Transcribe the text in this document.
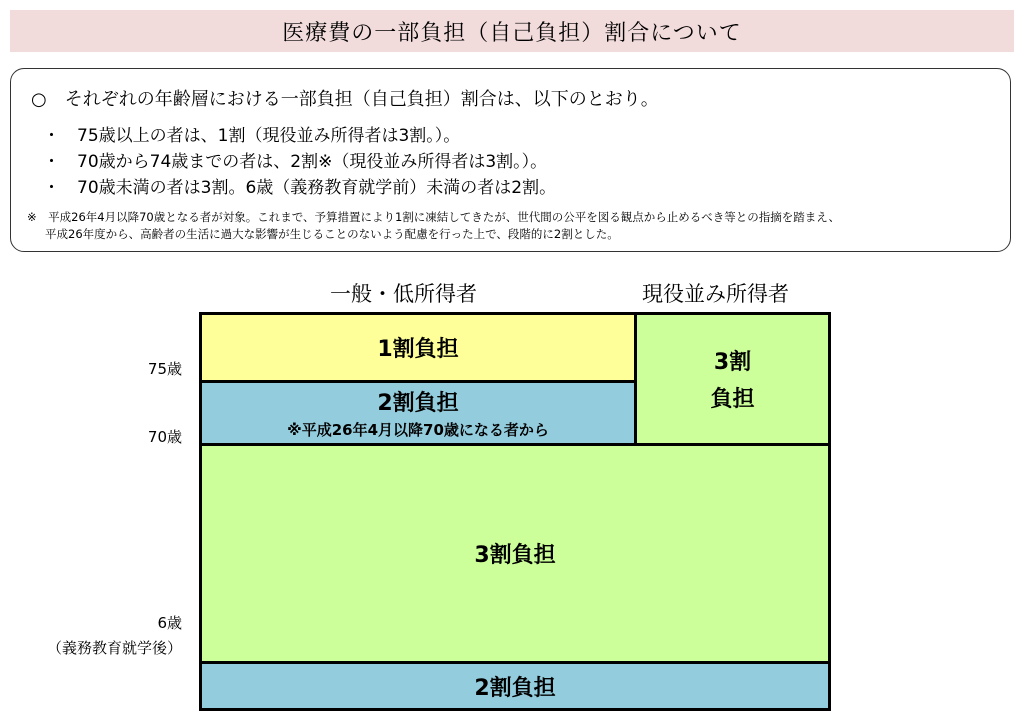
医療費の一部負担（自己負担）割合について
○　それぞれの年齢層における一部負担（自己負担）割合は、以下のとおり。
・　75歳以上の者は、1割（現役並み所得者は3割。）。
・　70歳から74歳までの者は、2割※（現役並み所得者は3割。）。
・　70歳未満の者は3割。6歳（義務教育就学前）未満の者は2割。
※　平成26年4月以降70歳となる者が対象。これまで、予算措置により1割に凍結してきたが、世代間の公平を図る観点から止めるべき等との指摘を踏まえ、
平成26年度から、高齢者の生活に過大な影響が生じることのないよう配慮を行った上で、段階的に2割とした。
一般・低所得者	現役並み所得者
75歳
70歳
6歳
（義務教育就学後）
1割負担
2割負担
※平成26年4月以降70歳になる者から
3割
負担
3割負担
2割負担
